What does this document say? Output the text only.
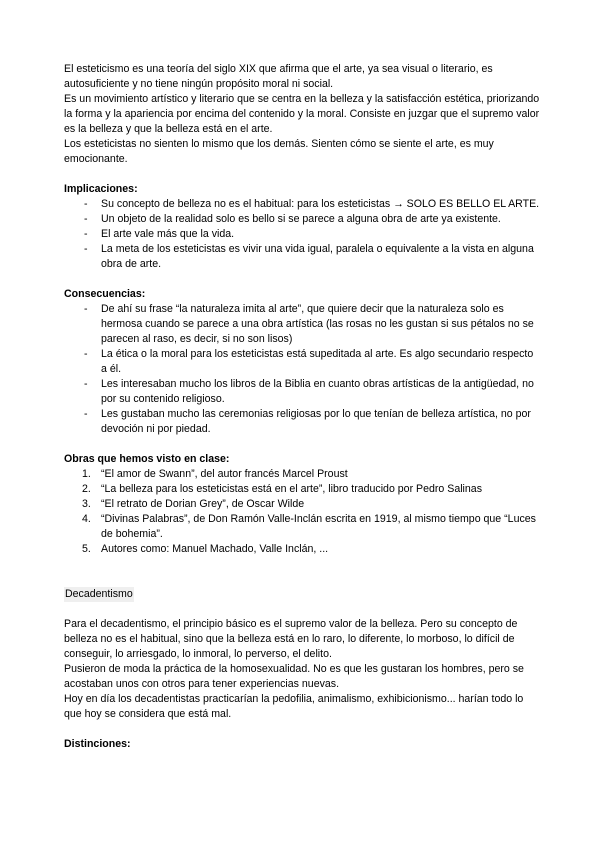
El esteticismo es una teoría del siglo XIX que afirma que el arte, ya sea visual o literario, es autosuficiente y no tiene ningún propósito moral ni social.

Es un movimiento artístico y literario que se centra en la belleza y la satisfacción estética, priorizando la forma y la apariencia por encima del contenido y la moral. Consiste en juzgar que el supremo valor es la belleza y que la belleza está en el arte.

Los esteticistas no sienten lo mismo que los demás. Sienten cómo se siente el arte, es muy emocionante.

Implicaciones:

- Su concepto de belleza no es el habitual: para los esteticistas → SOLO ES BELLO EL ARTE.
- Un objeto de la realidad solo es bello si se parece a alguna obra de arte ya existente.
- El arte vale más que la vida.
- La meta de los esteticistas es vivir una vida igual, paralela o equivalente a la vista en alguna obra de arte.

Consecuencias:

- De ahí su frase “la naturaleza imita al arte”, que quiere decir que la naturaleza solo es hermosa cuando se parece a una obra artística (las rosas no les gustan si sus pétalos no se parecen al raso, es decir, si no son lisos)
- La ética o la moral para los esteticistas está supeditada al arte. Es algo secundario respecto a él.
- Les interesaban mucho los libros de la Biblia en cuanto obras artísticas de la antigüedad, no por su contenido religioso.
- Les gustaban mucho las ceremonias religiosas por lo que tenían de belleza artística, no por devoción ni por piedad.

Obras que hemos visto en clase:

1. “El amor de Swann”, del autor francés Marcel Proust
2. “La belleza para los esteticistas está en el arte”, libro traducido por Pedro Salinas
3. “El retrato de Dorian Grey”, de Oscar Wilde
4. “Divinas Palabras”, de Don Ramón Valle-Inclán escrita en 1919, al mismo tiempo que “Luces de bohemia”.
5. Autores como: Manuel Machado, Valle Inclán, ...

Decadentismo

Para el decadentismo, el principio básico es el supremo valor de la belleza. Pero su concepto de belleza no es el habitual, sino que la belleza está en lo raro, lo diferente, lo morboso, lo difícil de conseguir, lo arriesgado, lo inmoral, lo perverso, el delito.

Pusieron de moda la práctica de la homosexualidad. No es que les gustaran los hombres, pero se acostaban unos con otros para tener experiencias nuevas.

Hoy en día los decadentistas practicarían la pedofilia, animalismo, exhibicionismo... harían todo lo que hoy se considera que está mal.

Distinciones:
